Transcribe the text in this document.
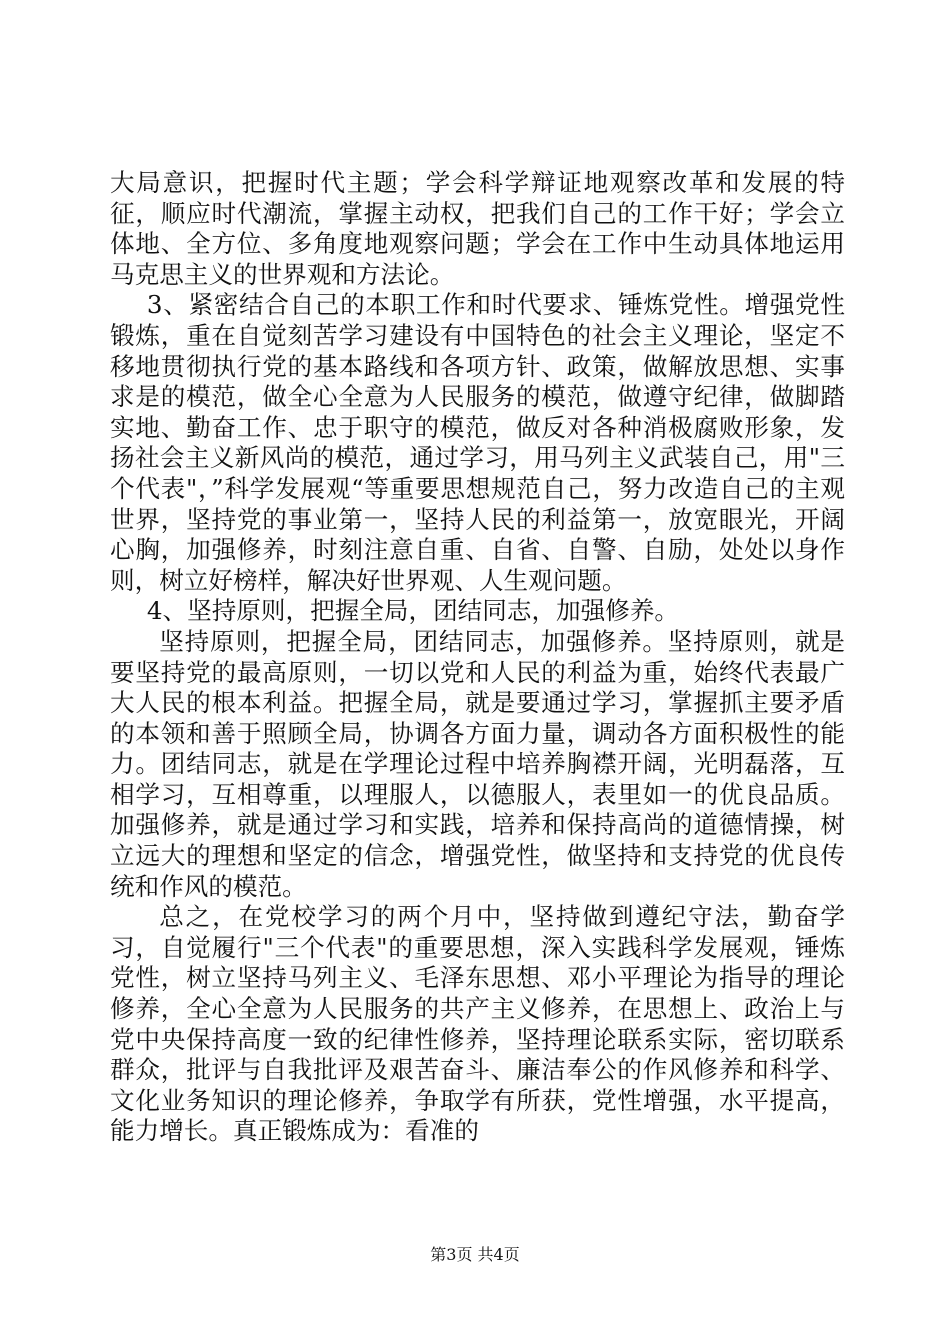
大局意识，把握时代主题；学会科学辩证地观察改革和发展的特征，顺应时代潮流，掌握主动权，把我们自己的工作干好；学会立体地、全方位、多角度地观察问题；学会在工作中生动具体地运用马克思主义的世界观和方法论。

3、紧密结合自己的本职工作和时代要求、锤炼党性。增强党性锻炼，重在自觉刻苦学习建设有中国特色的社会主义理论，坚定不移地贯彻执行党的基本路线和各项方针、政策，做解放思想、实事求是的模范，做全心全意为人民服务的模范，做遵守纪律，做脚踏实地、勤奋工作、忠于职守的模范，做反对各种消极腐败形象，发扬社会主义新风尚的模范，通过学习，用马列主义武装自己，用"三个代表"，”科学发展观“等重要思想规范自己，努力改造自己的主观世界，坚持党的事业第一，坚持人民的利益第一，放宽眼光，开阔心胸，加强修养，时刻注意自重、自省、自警、自励，处处以身作则，树立好榜样，解决好世界观、人生观问题。

4、坚持原则，把握全局，团结同志，加强修养。

坚持原则，把握全局，团结同志，加强修养。坚持原则，就是要坚持党的最高原则，一切以党和人民的利益为重，始终代表最广大人民的根本利益。把握全局，就是要通过学习，掌握抓主要矛盾的本领和善于照顾全局，协调各方面力量，调动各方面积极性的能力。团结同志，就是在学理论过程中培养胸襟开阔，光明磊落，互相学习，互相尊重，以理服人，以德服人，表里如一的优良品质。加强修养，就是通过学习和实践，培养和保持高尚的道德情操，树立远大的理想和坚定的信念，增强党性，做坚持和支持党的优良传统和作风的模范。

总之，在党校学习的两个月中，坚持做到遵纪守法，勤奋学习，自觉履行"三个代表"的重要思想，深入实践科学发展观，锤炼党性，树立坚持马列主义、毛泽东思想、邓小平理论为指导的理论修养，全心全意为人民服务的共产主义修养，在思想上、政治上与党中央保持高度一致的纪律性修养，坚持理论联系实际，密切联系群众，批评与自我批评及艰苦奋斗、廉洁奉公的作风修养和科学、文化业务知识的理论修养，争取学有所获，党性增强，水平提高，能力增长。真正锻炼成为：看准的

第3页 共4页
